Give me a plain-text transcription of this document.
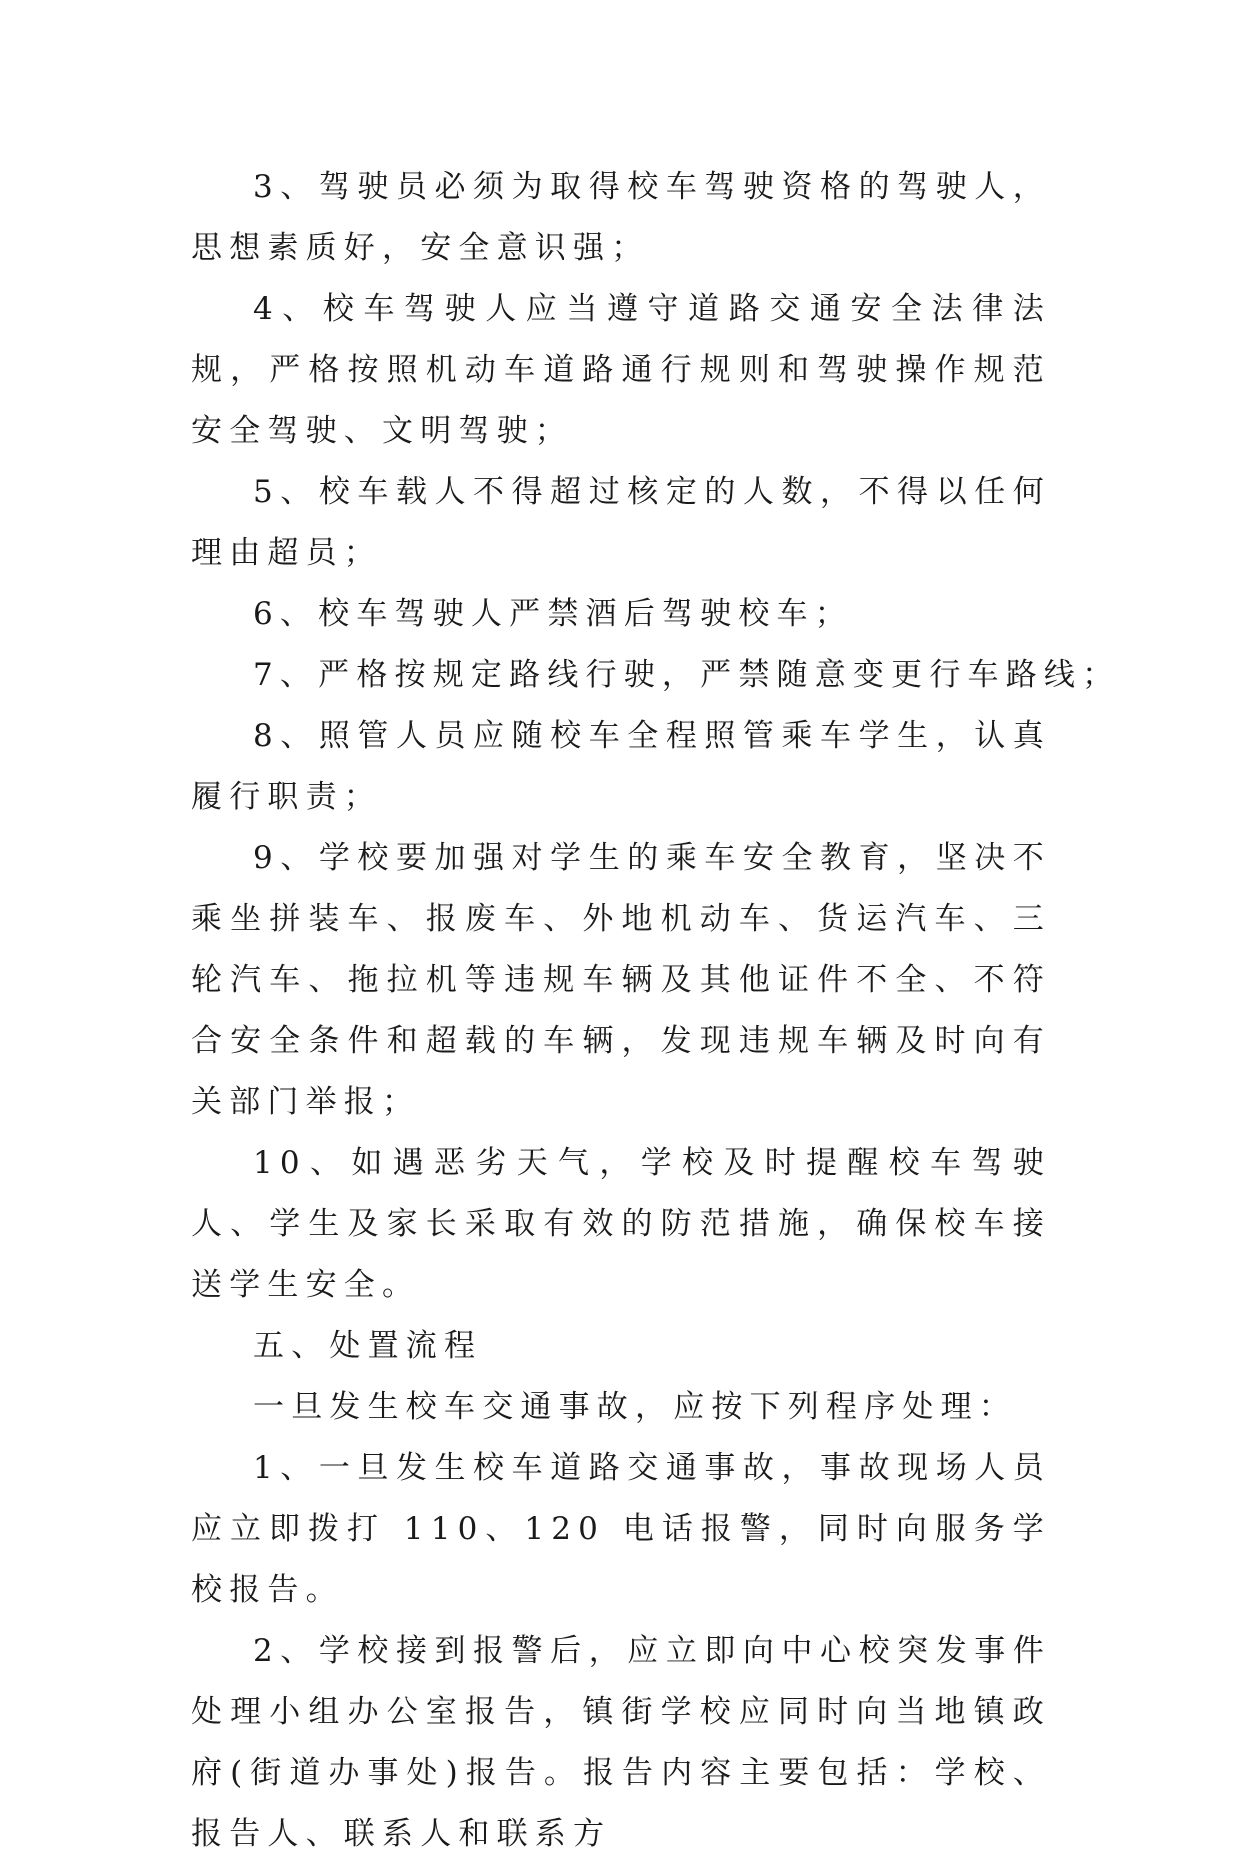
3、驾驶员必须为取得校车驾驶资格的驾驶人，思想素质好，安全意识强；

4、校车驾驶人应当遵守道路交通安全法律法规，严格按照机动车道路通行规则和驾驶操作规范安全驾驶、文明驾驶；

5、校车载人不得超过核定的人数，不得以任何理由超员；

6、校车驾驶人严禁酒后驾驶校车；

7、严格按规定路线行驶，严禁随意变更行车路线；

8、照管人员应随校车全程照管乘车学生，认真履行职责；

9、学校要加强对学生的乘车安全教育，坚决不乘坐拼装车、报废车、外地机动车、货运汽车、三轮汽车、拖拉机等违规车辆及其他证件不全、不符合安全条件和超载的车辆，发现违规车辆及时向有关部门举报；

10、如遇恶劣天气，学校及时提醒校车驾驶人、学生及家长采取有效的防范措施，确保校车接送学生安全。

五、处置流程

一旦发生校车交通事故，应按下列程序处理：

1、一旦发生校车道路交通事故，事故现场人员应立即拨打 110、120 电话报警，同时向服务学校报告。

2、学校接到报警后，应立即向中心校突发事件处理小组办公室报告，镇街学校应同时向当地镇政府(街道办事处)报告。报告内容主要包括：学校、报告人、联系人和联系方
